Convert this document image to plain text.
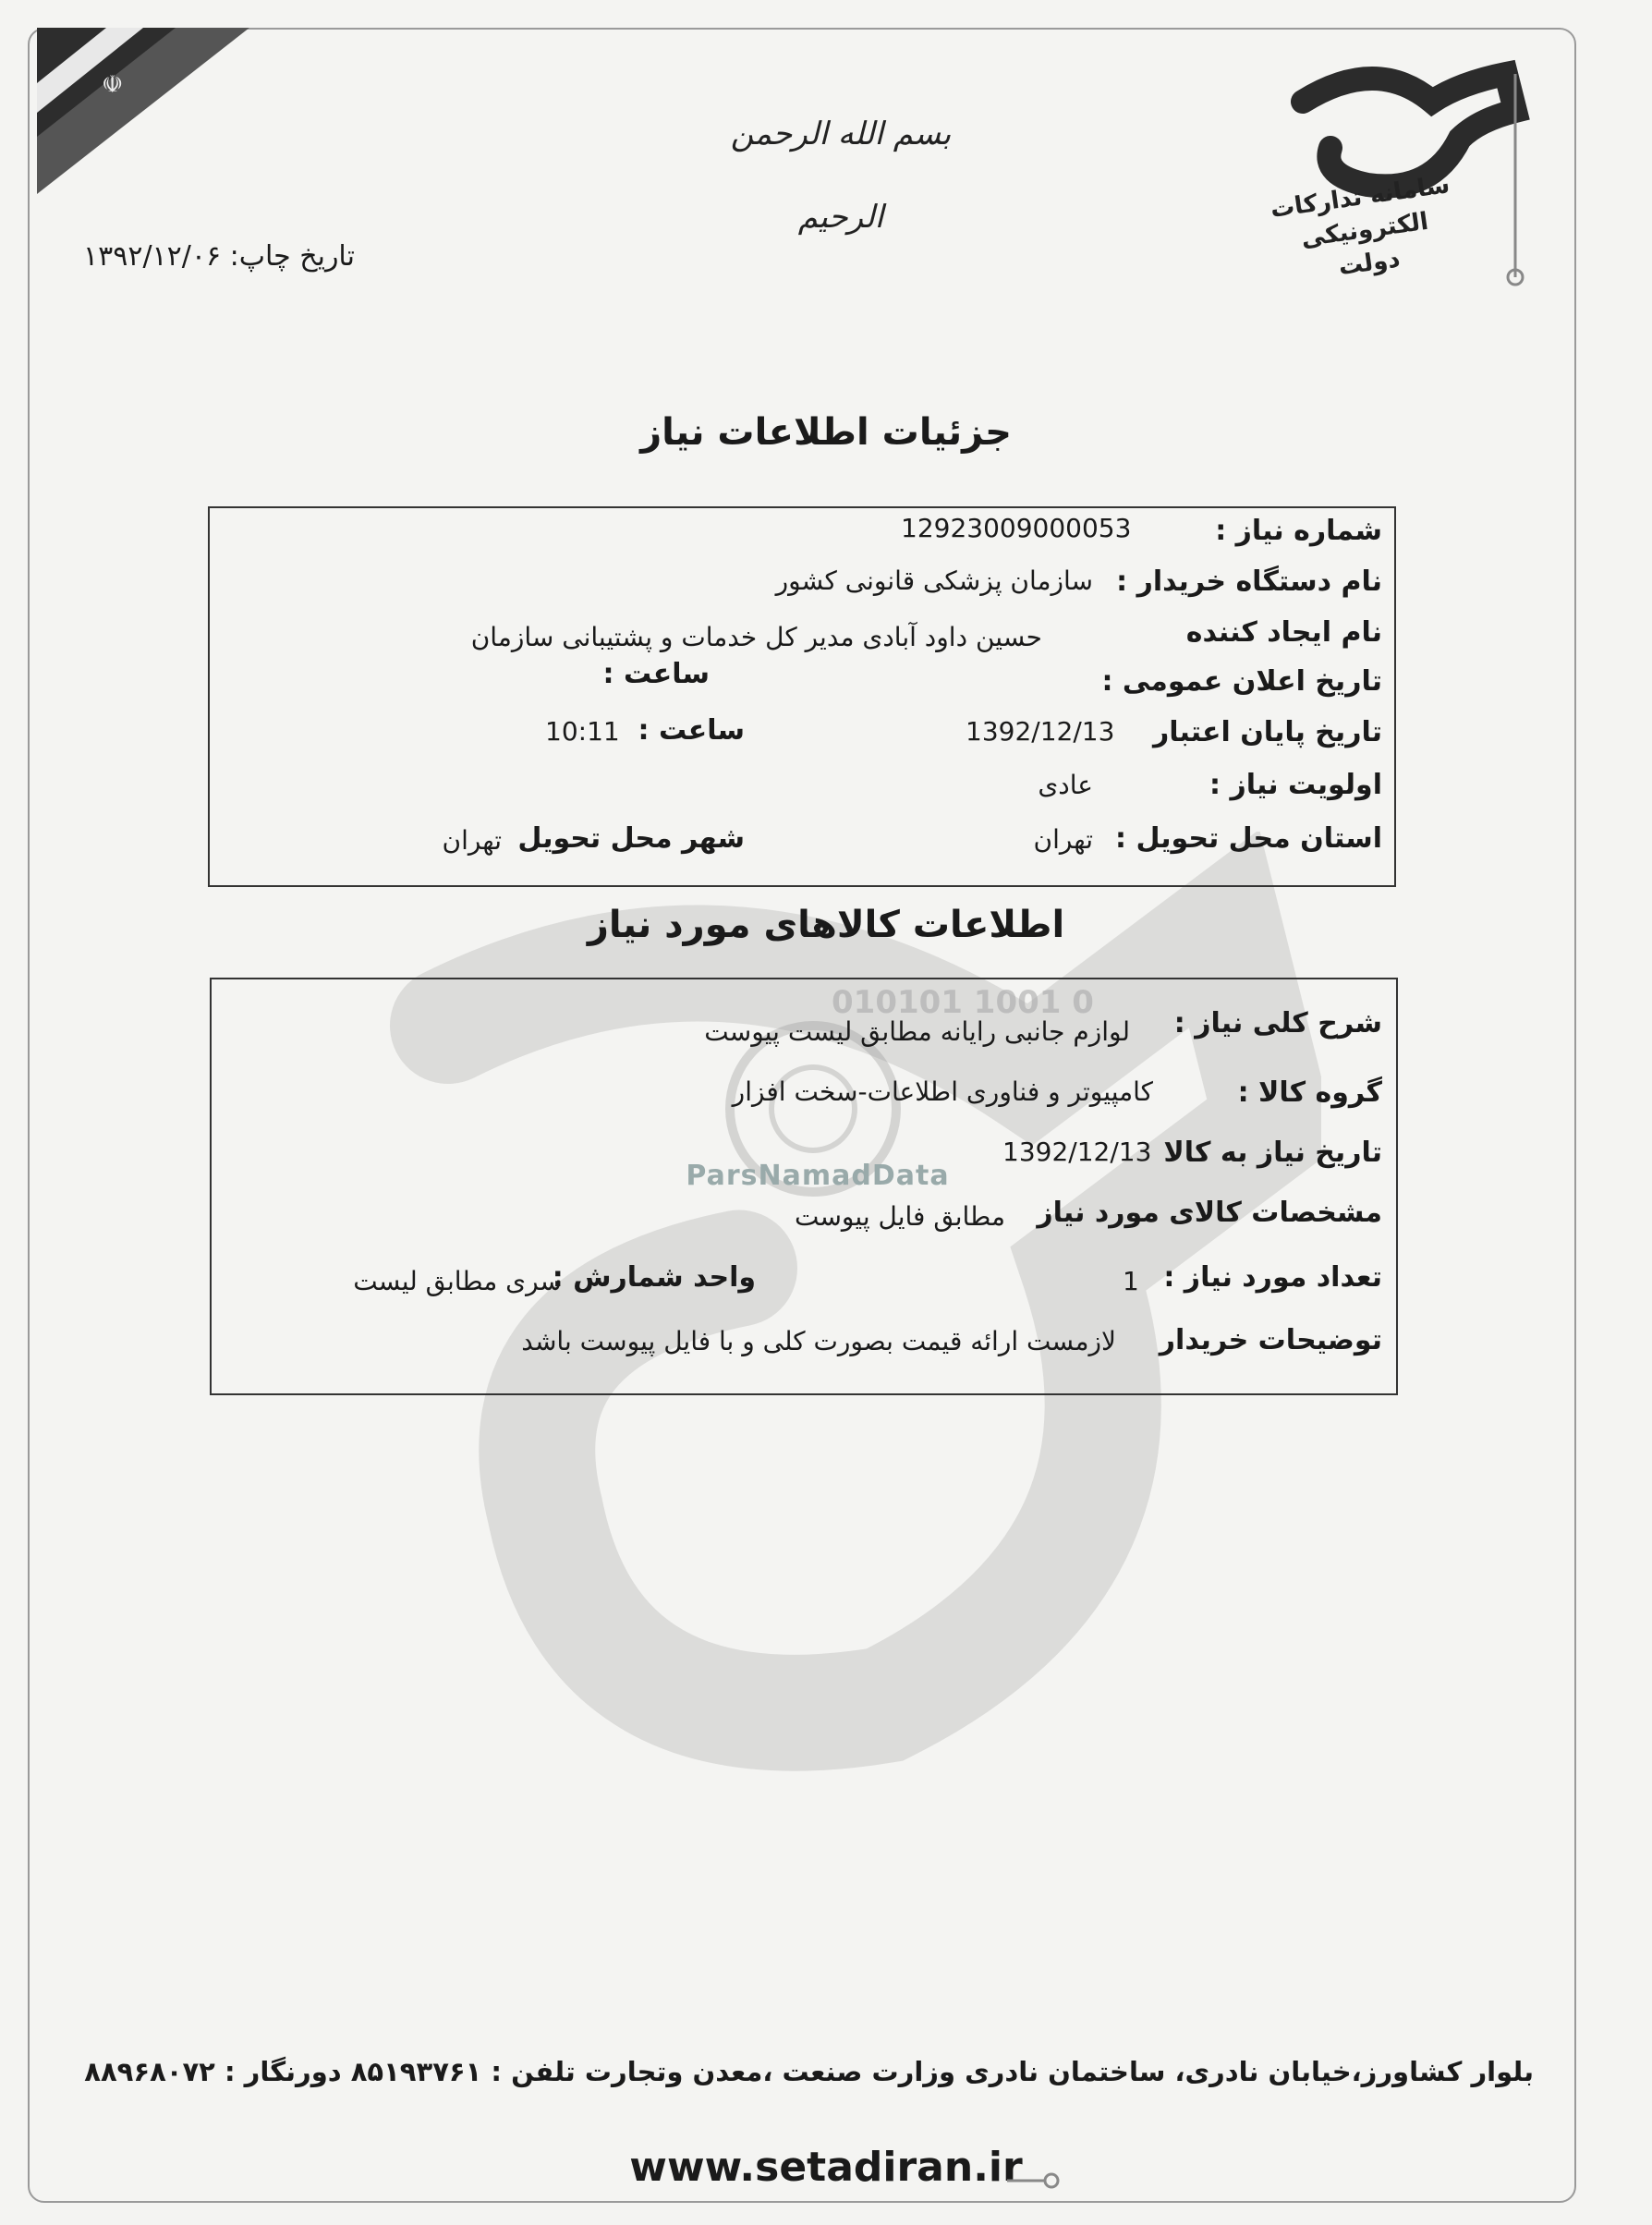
☫
سامانه تدارکات الکترونیکی دولت
بسم الله الرحمن الرحیم
تاریخ چاپ: ۱۳۹۲/۱۲/۰۶
جزئیات اطلاعات نیاز
شماره نیاز :
12923009000053
نام دستگاه خریدار :
سازمان پزشکی قانونی کشور
نام ایجاد کننده
حسین داود آبادی مدیر کل خدمات و پشتیبانی سازمان
تاریخ اعلان عمومی :
ساعت :
تاریخ پایان اعتبار
1392/12/13
ساعت :
10:11
اولویت نیاز :
عادی
استان محل تحویل :
تهران
شهر محل تحویل
تهران
اطلاعات کالاهای مورد نیاز
010101 1001 0
ParsNamadData
شرح کلی نیاز :
لوازم جانبی رایانه مطابق لیست پیوست
گروه کالا :
کامپیوتر و فناوری اطلاعات-سخت افزار
تاریخ نیاز به کالا
1392/12/13
مشخصات کالای مورد نیاز
مطابق فایل پیوست
تعداد مورد نیاز :
1
واحد شمارش :
سری مطابق لیست
توضیحات خریدار
لازمست ارائه قیمت بصورت کلی و با فایل پیوست باشد
بلوار کشاورز،خیابان نادری، ساختمان نادری وزارت صنعت ،معدن وتجارت تلفن : ۸۵۱۹۳۷۶۱ دورنگار : ۸۸۹۶۸۰۷۲
www.setadiran.ir
